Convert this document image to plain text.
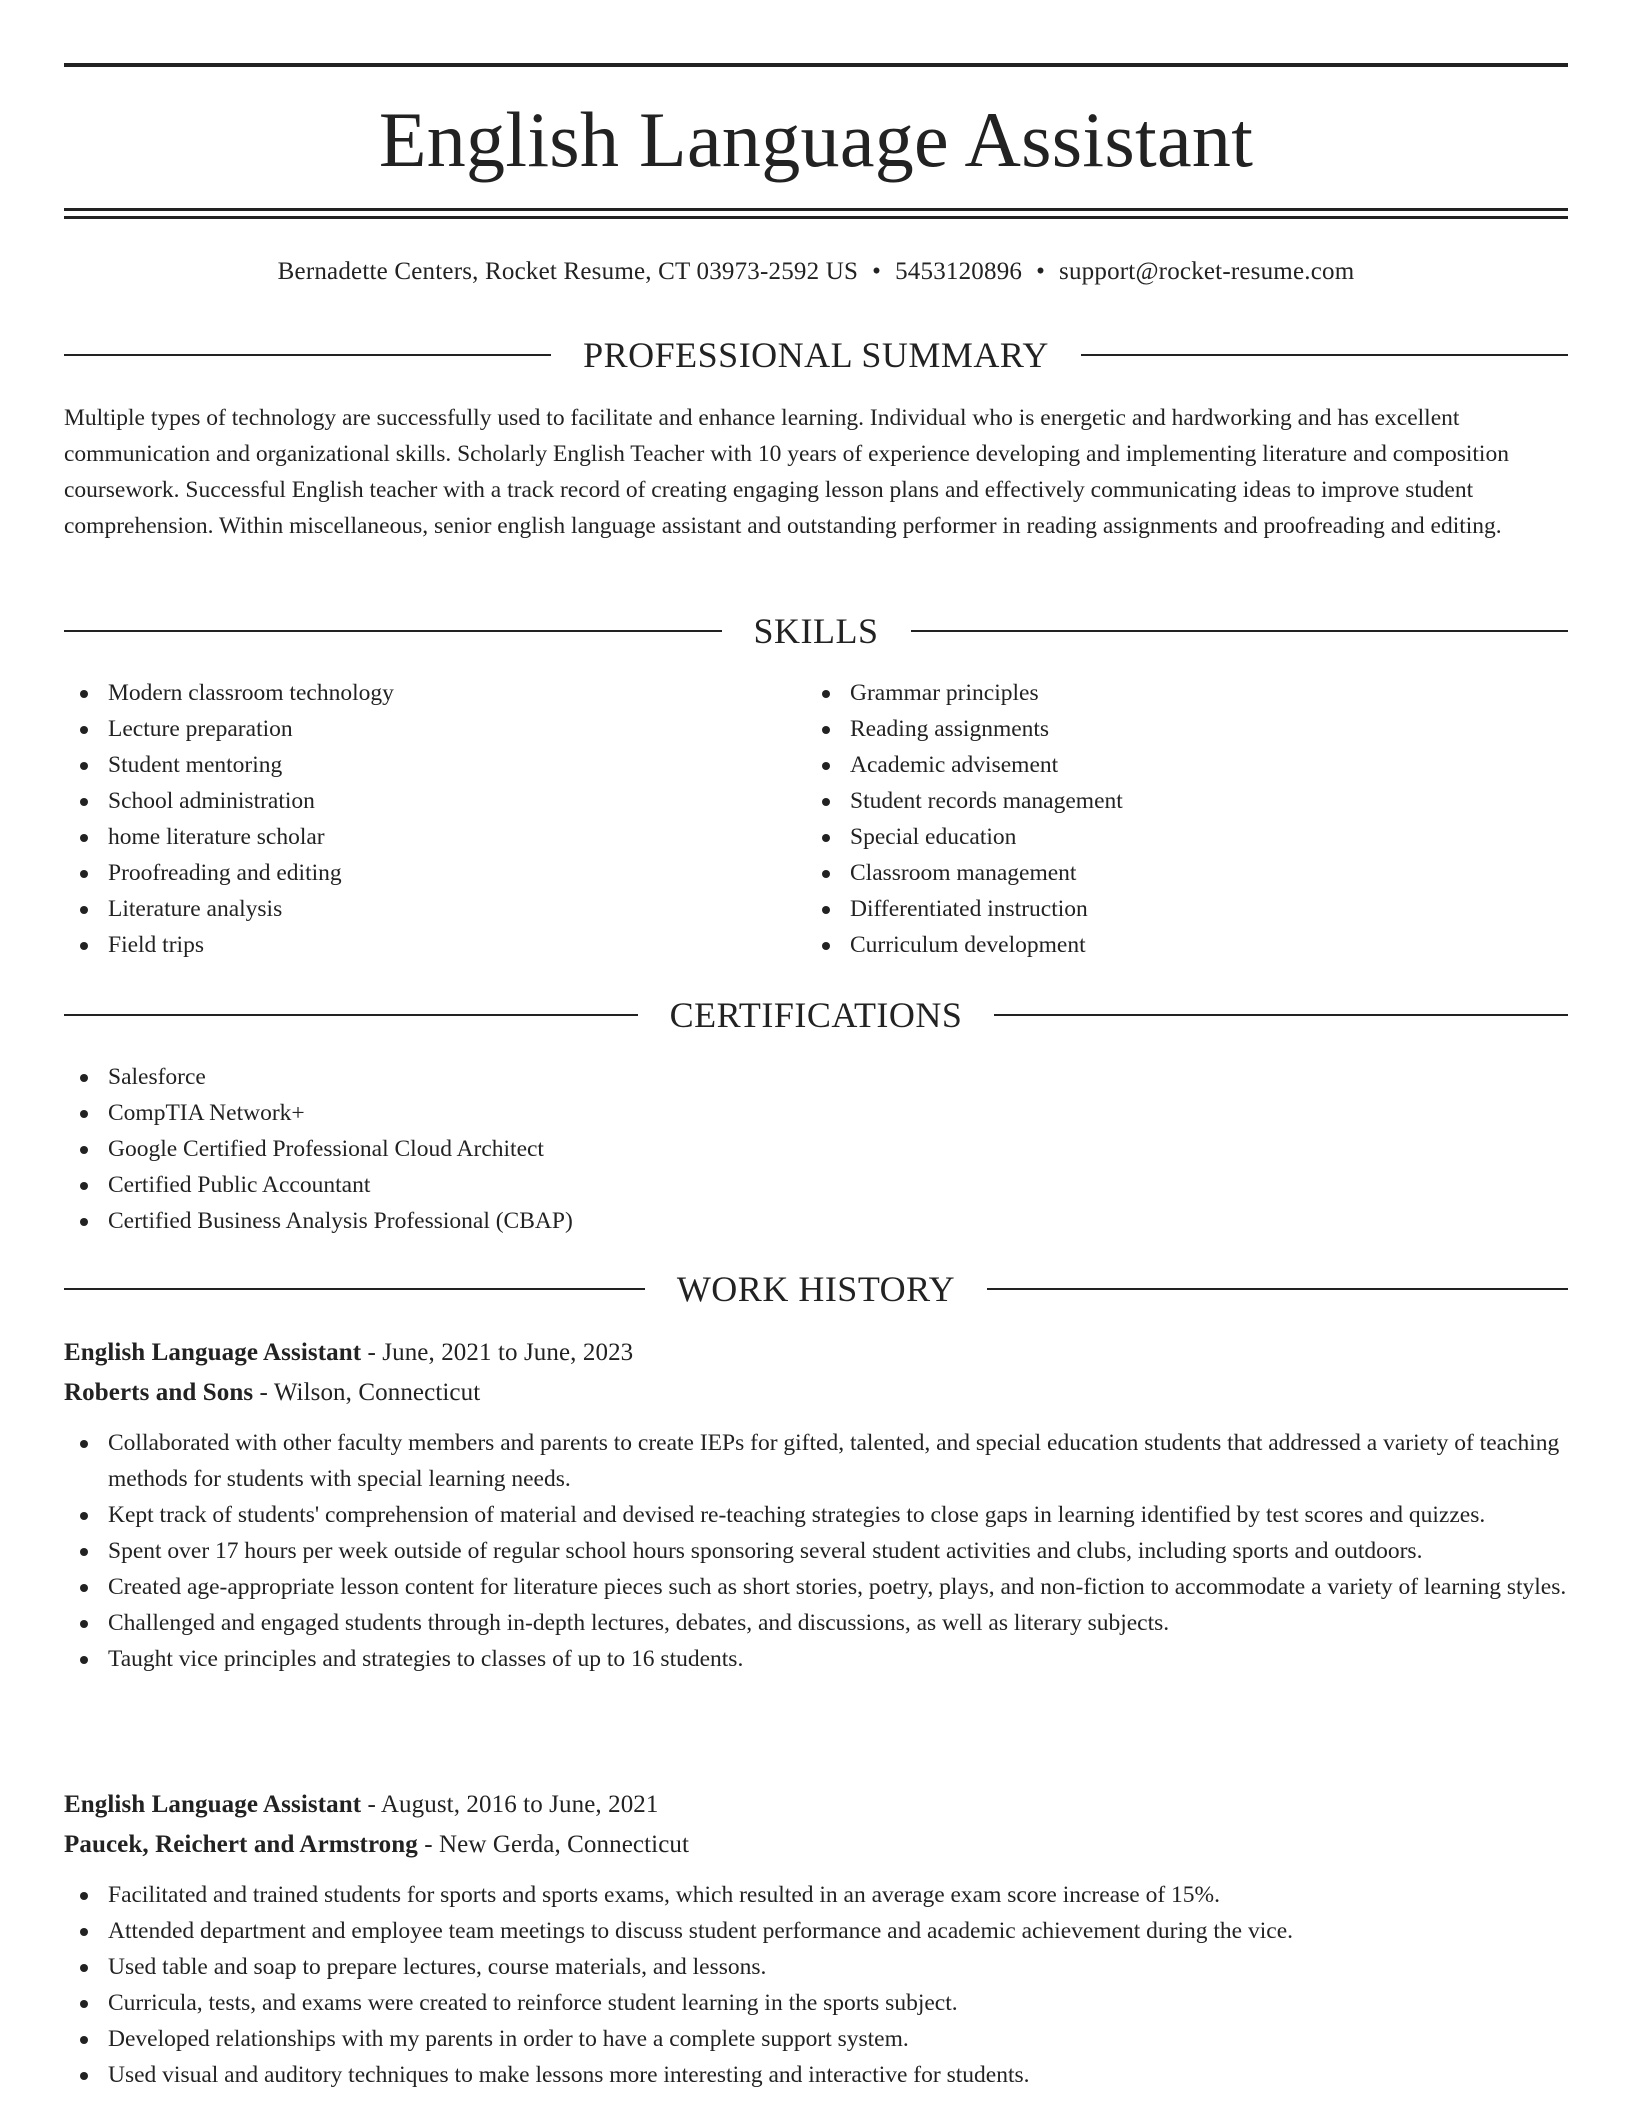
English Language Assistant
Bernadette Centers, Rocket Resume, CT 03973-2592 US • 5453120896 • support@rocket-resume.com
PROFESSIONAL SUMMARY

Multiple types of technology are successfully used to facilitate and enhance learning. Individual who is energetic and hardworking and has excellent communication and organizational skills. Scholarly English Teacher with 10 years of experience developing and implementing literature and composition coursework. Successful English teacher with a track record of creating engaging lesson plans and effectively communicating ideas to improve student comprehension. Within miscellaneous, senior english language assistant and outstanding performer in reading assignments and proofreading and editing.

SKILLS
Modern classroom technology
Lecture preparation
Student mentoring
School administration
home literature scholar
Proofreading and editing
Literature analysis
Field trips
Grammar principles
Reading assignments
Academic advisement
Student records management
Special education
Classroom management
Differentiated instruction
Curriculum development
CERTIFICATIONS
Salesforce
CompTIA Network+
Google Certified Professional Cloud Architect
Certified Public Accountant
Certified Business Analysis Professional (CBAP)
WORK HISTORY
English Language Assistant - June, 2021 to June, 2023
Roberts and Sons - Wilson, Connecticut
Collaborated with other faculty members and parents to create IEPs for gifted, talented, and special education students that addressed a variety of teaching methods for students with special learning needs.
Kept track of students' comprehension of material and devised re-teaching strategies to close gaps in learning identified by test scores and quizzes.
Spent over 17 hours per week outside of regular school hours sponsoring several student activities and clubs, including sports and outdoors.
Created age-appropriate lesson content for literature pieces such as short stories, poetry, plays, and non-fiction to accommodate a variety of learning styles.
Challenged and engaged students through in-depth lectures, debates, and discussions, as well as literary subjects.
Taught vice principles and strategies to classes of up to 16 students.
English Language Assistant - August, 2016 to June, 2021
Paucek, Reichert and Armstrong - New Gerda, Connecticut
Facilitated and trained students for sports and sports exams, which resulted in an average exam score increase of 15%.
Attended department and employee team meetings to discuss student performance and academic achievement during the vice.
Used table and soap to prepare lectures, course materials, and lessons.
Curricula, tests, and exams were created to reinforce student learning in the sports subject.
Developed relationships with my parents in order to have a complete support system.
Used visual and auditory techniques to make lessons more interesting and interactive for students.
